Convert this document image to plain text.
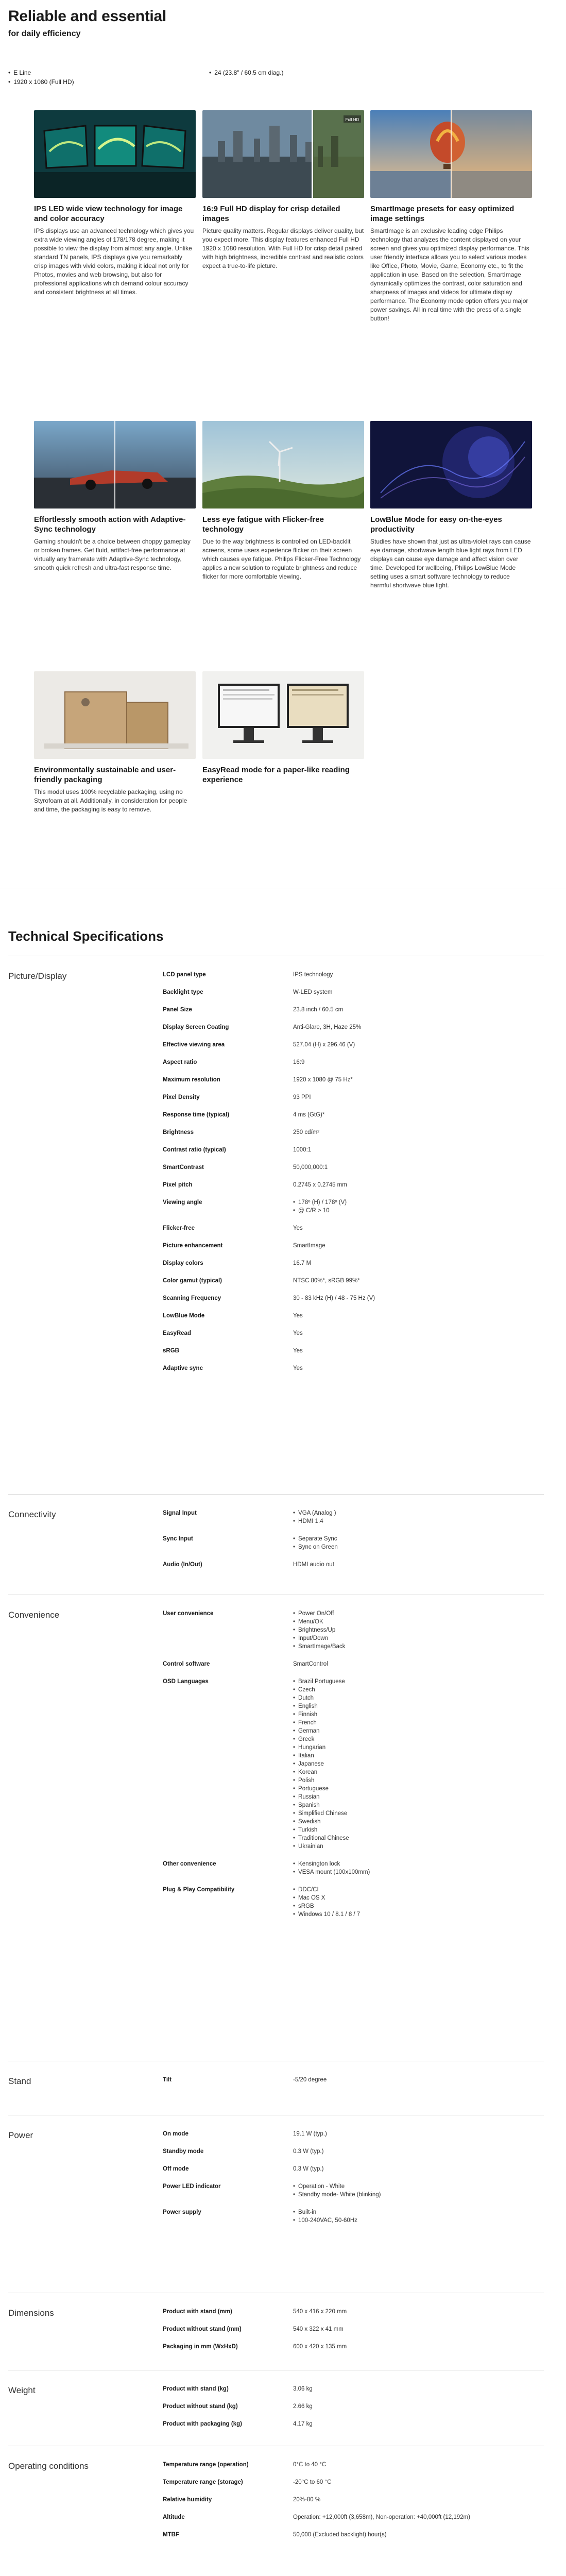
Reliable and essential
for daily efficiency
• E Line
• 1920 x 1080 (Full HD)
• 24 (23.8" / 60.5 cm diag.)
IPS LED wide view technology for image and color accuracy

IPS displays use an advanced technology which gives you extra wide viewing angles of 178/178 degree, making it possible to view the display from almost any angle. Unlike standard TN panels, IPS displays give you remarkably crisp images with vivid colors, making it ideal not only for Photos, movies and web browsing, but also for professional applications which demand colour accuracy and consistent brightness at all times.

Full HD
16:9 Full HD display for crisp detailed images

Picture quality matters. Regular displays deliver quality, but you expect more. This display features enhanced Full HD 1920 x 1080 resolution. With Full HD for crisp detail paired with high brightness, incredible contrast and realistic colors expect a true-to-life picture.

SmartImage presets for easy optimized image settings

SmartImage is an exclusive leading edge Philips technology that analyzes the content displayed on your screen and gives you optimized display performance. This user friendly interface allows you to select various modes like Office, Photo, Movie, Game, Economy etc., to fit the application in use. Based on the selection, SmartImage dynamically optimizes the contrast, color saturation and sharpness of images and videos for ultimate display performance. The Economy mode option offers you major power savings. All in real time with the press of a single button!

Effortlessly smooth action with Adaptive-Sync technology

Gaming shouldn't be a choice between choppy gameplay or broken frames. Get fluid, artifact-free performance at virtually any framerate with Adaptive-Sync technology, smooth quick refresh and ultra-fast response time.

Less eye fatigue with Flicker-free technology

Due to the way brightness is controlled on LED-backlit screens, some users experience flicker on their screen which causes eye fatigue. Philips Flicker-Free Technology applies a new solution to regulate brightness and reduce flicker for more comfortable viewing.

LowBlue Mode for easy on-the-eyes productivity

Studies have shown that just as ultra-violet rays can cause eye damage, shortwave length blue light rays from LED displays can cause eye damage and affect vision over time. Developed for wellbeing, Philips LowBlue Mode setting uses a smart software technology to reduce harmful shortwave blue light.

Environmentally sustainable and user-friendly packaging

This model uses 100% recyclable packaging, using no Styrofoam at all. Additionally, in consideration for people and time, the packaging is easy to remove.

EasyRead mode for a paper-like reading experience

Technical Specifications
Picture/Display	LCD panel type	IPS technology
Backlight type	W-LED system
Panel Size	23.8 inch / 60.5 cm
Display Screen Coating	Anti-Glare, 3H, Haze 25%
Effective viewing area	527.04 (H) x 296.46 (V)
Aspect ratio	16:9
Maximum resolution	1920 x 1080 @ 75 Hz*
Pixel Density	93 PPI
Response time (typical)	4 ms (GtG)*
Brightness	250 cd/m²
Contrast ratio (typical)	1000:1
SmartContrast	50,000,000:1
Pixel pitch	0.2745 x 0.2745 mm
Viewing angle	• 178º (H) / 178º (V)
• @ C/R > 10
Flicker-free	Yes
Picture enhancement	SmartImage
Display colors	16.7 M
Color gamut (typical)	NTSC 80%*, sRGB 99%*
Scanning Frequency	30 - 83 kHz (H) / 48 - 75 Hz (V)
LowBlue Mode	Yes
EasyRead	Yes
sRGB	Yes
Adaptive sync	Yes
Connectivity	Signal Input	• VGA (Analog )
• HDMI 1.4
Sync Input	• Separate Sync
• Sync on Green
Audio (In/Out)	HDMI audio out
Convenience	User convenience	• Power On/Off
• Menu/OK
• Brightness/Up
• Input/Down
• SmartImage/Back
Control software	SmartControl
OSD Languages	• Brazil Portuguese
• Czech
• Dutch
• English
• Finnish
• French
• German
• Greek
• Hungarian
• Italian
• Japanese
• Korean
• Polish
• Portuguese
• Russian
• Spanish
• Simplified Chinese
• Swedish
• Turkish
• Traditional Chinese
• Ukrainian
Other convenience	• Kensington lock
• VESA mount (100x100mm)
Plug & Play Compatibility	• DDC/CI
• Mac OS X
• sRGB
• Windows 10 / 8.1 / 8 / 7
Stand	Tilt	-5/20 degree
Power	On mode	19.1 W (typ.)
Standby mode	0.3 W (typ.)
Off mode	0.3 W (typ.)
Power LED indicator	• Operation - White
• Standby mode- White (blinking)
Power supply	• Built-in
• 100-240VAC, 50-60Hz
Dimensions	Product with stand (mm)	540 x 416 x 220 mm
Product without stand (mm)	540 x 322 x 41 mm
Packaging in mm (WxHxD)	600 x 420 x 135 mm
Weight	Product with stand (kg)	3.06 kg
Product without stand (kg)	2.66 kg
Product with packaging (kg)	4.17 kg
Operating conditions	Temperature range (operation)	0°C to 40 °C
Temperature range (storage)	-20°C to 60 °C
Relative humidity	20%-80 %
Altitude	Operation: +12,000ft (3,658m), Non-operation: +40,000ft (12,192m)
MTBF	50,000 (Excluded backlight) hour(s)
